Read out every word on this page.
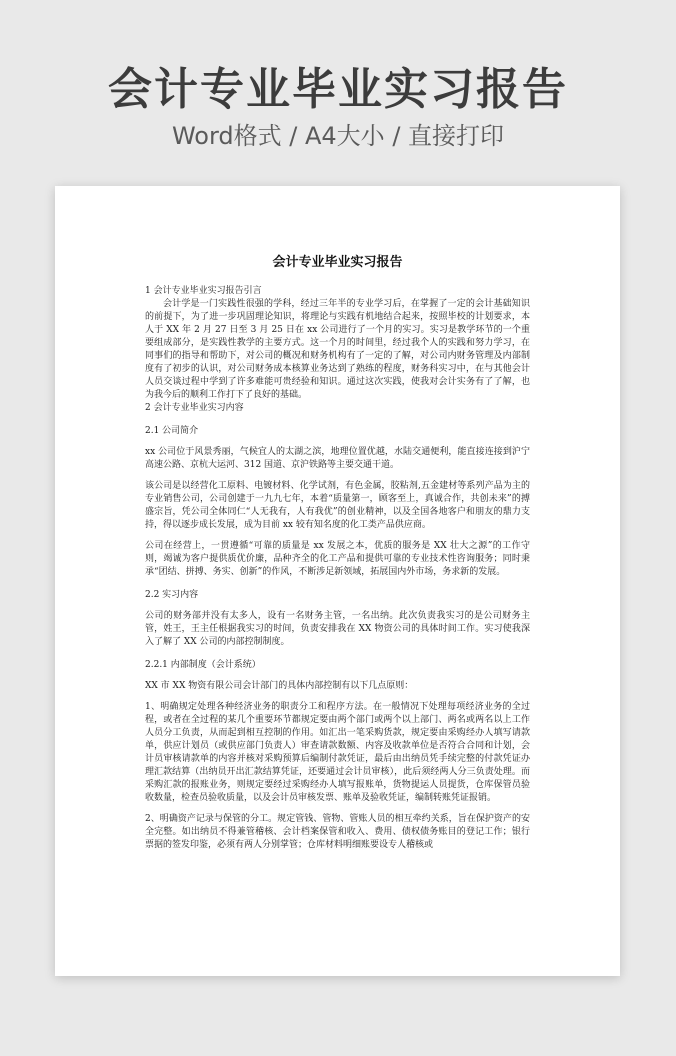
会计专业毕业实习报告
Word格式 / A4大小 / 直接打印
会计专业毕业实习报告
1 会计专业毕业实习报告引言

会计学是一门实践性很强的学科，经过三年半的专业学习后，在掌握了一定的会计基础知识的前提下，为了进一步巩固理论知识，将理论与实践有机地结合起来，按照毕校的计划要求，本人于 XX 年 2 月 27 日至 3 月 25 日在 xx 公司进行了一个月的实习。实习是教学环节的一个重要组成部分，是实践性教学的主要方式。这一个月的时间里，经过我个人的实践和努力学习，在同事们的指导和帮助下，对公司的概况和财务机构有了一定的了解，对公司内财务管理及内部制度有了初步的认识，对公司财务成本核算业务达到了熟练的程度，财务科实习中，在与其他会计人员交谈过程中学到了许多难能可贵经验和知识。通过这次实践，使我对会计实务有了了解，也为我今后的顺利工作打下了良好的基础。

2 会计专业毕业实习内容
2.1 公司简介

xx 公司位于风景秀丽，气候宜人的太湖之滨，地理位置优越，水陆交通便利，能直接连接到沪宁高速公路、京杭大运河、312 国道、京沪铁路等主要交通干道。

该公司是以经营化工原料、电镀材料、化学试剂，有色金属，胶粘剂,五金建材等系列产品为主的专业销售公司，公司创建于一九九七年，本着“质量第一，顾客至上，真诚合作，共创未来”的搏盛宗旨，凭公司全体同仁“人无我有，人有我优”的创业精神，以及全国各地客户和朋友的鼎力支持，得以逐步成长发展，成为目前 xx 较有知名度的化工类产品供应商。

公司在经营上，一贯遵循“可靠的质量是 xx 发展之本，优质的服务是 XX 壮大之源”的工作守则，竭诚为客户提供质优价廉，品种齐全的化工产品和提供可靠的专业技术性咨询服务；同时秉承“团结、拼搏、务实、创新”的作风，不断涉足新领域，拓展国内外市场，务求新的发展。

2.2 实习内容

公司的财务部并没有太多人，设有一名财务主管，一名出纳。此次负责我实习的是公司财务主管，姓王，王主任根据我实习的时间，负责安排我在 XX 物资公司的具体时间工作。实习使我深入了解了 XX 公司的内部控制制度。

2.2.1 内部制度（会计系统）

XX 市 XX 物资有限公司会计部门的具体内部控制有以下几点原则：

1、明确规定处理各种经济业务的职责分工和程序方法。在一般情况下处理每项经济业务的全过程，或者在全过程的某几个重要环节都规定要由两个部门或两个以上部门、两名或两名以上工作人员分工负责，从而起到相互控制的作用。如汇出一笔采购货款，规定要由采购经办人填写请款单，供应计划员（或供应部门负责人）审查请款数额、内容及收款单位是否符合合同和计划，会计员审核请款单的内容并核对采购预算后编制付款凭证，最后由出纳员凭手续完整的付款凭证办理汇款结算（出纳员开出汇款结算凭证，还要通过会计员审核），此后须经两人分三负责处理。而采购汇款的报账业务，则规定要经过采购经办人填写报账单，货物提运人员提货，仓库保管员验收数量，检查员验收质量，以及会计员审核发票、账单及验收凭证，编制转账凭证报销。

2、明确资产记录与保管的分工。规定管钱、管物、管账人员的相互牵约关系，旨在保护资产的安全完整。如出纳员不得兼管稽核、会计档案保管和收入、费用、债权债务账目的登记工作；银行票据的签发印鉴，必须有两人分别掌管；仓库材料明细账要设专人稽核或
